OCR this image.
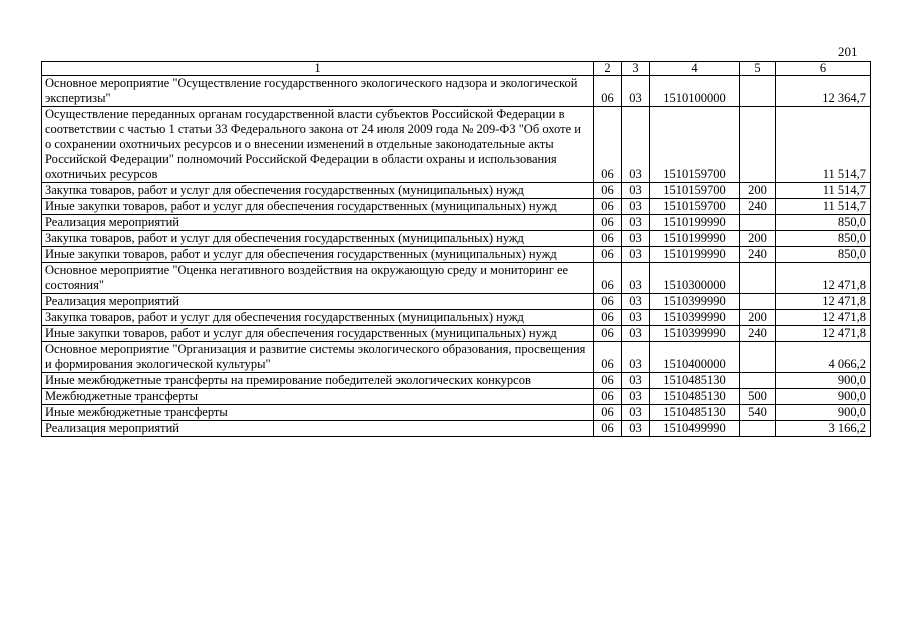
201
1	2	3	4	5	6
Основное мероприятие "Осуществление государственного экологического надзора и экологической экспертизы"	06	03	1510100000		12 364,7
Осуществление переданных органам государственной власти субъектов Российской Федерации в соответствии с частью 1 статьи 33 Федерального закона от 24 июля 2009 года № 209-ФЗ "Об охоте и о сохранении охотничьих ресурсов и о внесении изменений в отдельные законодательные акты Российской Федерации" полномочий Российской Федерации в области охраны и использования охотничьих ресурсов	06	03	1510159700		11 514,7
Закупка товаров, работ и услуг для обеспечения государственных (муниципальных) нужд	06	03	1510159700	200	11 514,7
Иные закупки товаров, работ и услуг для обеспечения государственных (муниципальных) нужд	06	03	1510159700	240	11 514,7
Реализация мероприятий	06	03	1510199990		850,0
Закупка товаров, работ и услуг для обеспечения государственных (муниципальных) нужд	06	03	1510199990	200	850,0
Иные закупки товаров, работ и услуг для обеспечения государственных (муниципальных) нужд	06	03	1510199990	240	850,0
Основное мероприятие "Оценка негативного воздействия на окружающую среду и мониторинг ее состояния"	06	03	1510300000		12 471,8
Реализация мероприятий	06	03	1510399990		12 471,8
Закупка товаров, работ и услуг для обеспечения государственных (муниципальных) нужд	06	03	1510399990	200	12 471,8
Иные закупки товаров, работ и услуг для обеспечения государственных (муниципальных) нужд	06	03	1510399990	240	12 471,8
Основное мероприятие "Организация и развитие системы экологического образования, просвещения и формирования экологической культуры"	06	03	1510400000		4 066,2
Иные межбюджетные трансферты на премирование победителей экологических конкурсов	06	03	1510485130		900,0
Межбюджетные трансферты	06	03	1510485130	500	900,0
Иные межбюджетные трансферты	06	03	1510485130	540	900,0
Реализация мероприятий	06	03	1510499990		3 166,2
